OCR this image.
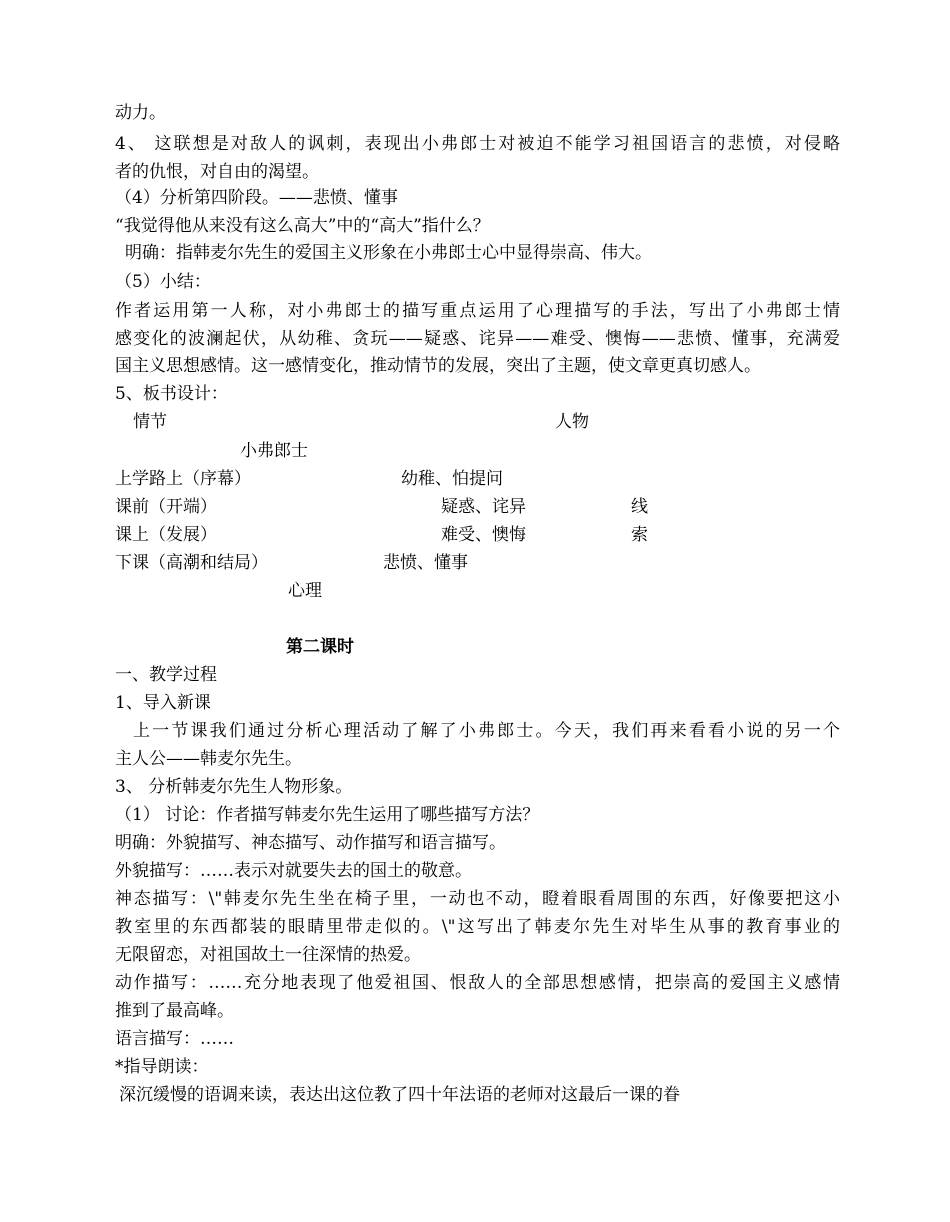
动力。
4、 这联想是对敌人的讽刺，表现出小弗郎士对被迫不能学习祖国语言的悲愤，对侵略
者的仇恨，对自由的渴望。
（4）分析第四阶段。——悲愤、懂事
“我觉得他从来没有这么高大”中的“高大”指什么？
明确：指韩麦尔先生的爱国主义形象在小弗郎士心中显得崇高、伟大。
（5）小结：
作者运用第一人称，对小弗郎士的描写重点运用了心理描写的手法，写出了小弗郎士情
感变化的波澜起伏，从幼稚、贪玩——疑惑、诧异——难受、懊悔——悲愤、懂事，充满爱
国主义思想感情。这一感情变化，推动情节的发展，突出了主题，使文章更真切感人。
5、板书设计：
情节	人物
小弗郎士
上学路上（序幕）	幼稚、怕提问
课前（开端）	疑惑、诧异	线
课上（发展）	难受、懊悔	索
下课（高潮和结局）	悲愤、懂事
心理
第二课时
一、教学过程
1、导入新课
上一节课我们通过分析心理活动了解了小弗郎士。今天，我们再来看看小说的另一个
主人公——韩麦尔先生。
3、 分析韩麦尔先生人物形象。
（1） 讨论：作者描写韩麦尔先生运用了哪些描写方法？
明确：外貌描写、神态描写、动作描写和语言描写。
外貌描写：……表示对就要失去的国土的敬意。
神态描写：\"韩麦尔先生坐在椅子里，一动也不动，瞪着眼看周围的东西，好像要把这小
教室里的东西都装的眼睛里带走似的。\"这写出了韩麦尔先生对毕生从事的教育事业的
无限留恋，对祖国故土一往深情的热爱。
动作描写：……充分地表现了他爱祖国、恨敌人的全部思想感情，把崇高的爱国主义感情
推到了最高峰。
语言描写：……
*指导朗读：
深沉缓慢的语调来读，表达出这位教了四十年法语的老师对这最后一课的眷
